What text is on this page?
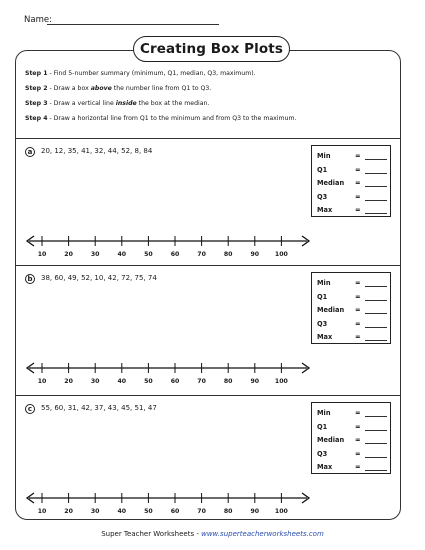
Name:
Creating Box Plots
Step 1 - Find 5-number summary (minimum, Q1, median, Q3, maximum).
Step 2 - Draw a box above the number line from Q1 to Q3.
Step 3 - Draw a vertical line inside the box at the median.
Step 4 - Draw a horizontal line from Q1 to the minimum and from Q3 to the maximum.
a	20, 12, 35, 41, 32, 44, 52, 8, 84
Min	=
Q1	=
Median	=
Q3	=
Max	=
10	20	30	40	50	60	70	80	90	100
b	38, 60, 49, 52, 10, 42, 72, 75, 74
Min	=
Q1	=
Median	=
Q3	=
Max	=
10	20	30	40	50	60	70	80	90	100
c	55, 60, 31, 42, 37, 43, 45, 51, 47
Min	=
Q1	=
Median	=
Q3	=
Max	=
10	20	30	40	50	60	70	80	90	100
Super Teacher Worksheets - www.superteacherworksheets.com
